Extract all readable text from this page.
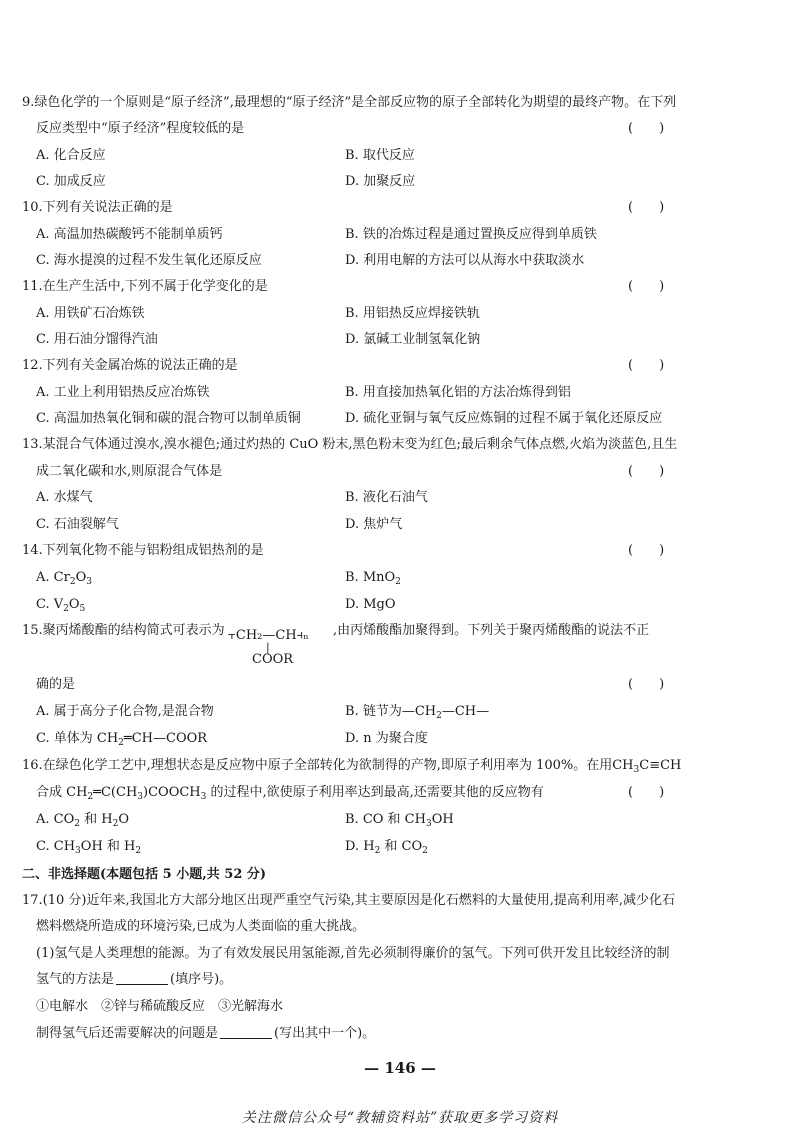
9.绿色化学的一个原则是“原子经济”,最理想的“原子经济”是全部反应物的原子全部转化为期望的最终产物。在下列
反应类型中“原子经济”程度较低的是	(　　)
A. 化合反应	B. 取代反应
C. 加成反应	D. 加聚反应
10.下列有关说法正确的是	(　　)
A. 高温加热碳酸钙不能制单质钙	B. 铁的冶炼过程是通过置换反应得到单质铁
C. 海水提溴的过程不发生氧化还原反应	D. 利用电解的方法可以从海水中获取淡水
11.在生产生活中,下列不属于化学变化的是	(　　)
A. 用铁矿石冶炼铁	B. 用铝热反应焊接铁轨
C. 用石油分馏得汽油	D. 氯碱工业制氢氧化钠
12.下列有关金属冶炼的说法正确的是	(　　)
A. 工业上利用铝热反应冶炼铁	B. 用直接加热氧化铝的方法冶炼得到铝
C. 高温加热氧化铜和碳的混合物可以制单质铜	D. 硫化亚铜与氧气反应炼铜的过程不属于氧化还原反应
13.某混合气体通过溴水,溴水褪色;通过灼热的 CuO 粉末,黑色粉末变为红色;最后剩余气体点燃,火焰为淡蓝色,且生
成二氧化碳和水,则原混合气体是	(　　)
A. 水煤气	B. 液化石油气
C. 石油裂解气	D. 焦炉气
14.下列氧化物不能与铝粉组成铝热剂的是	(　　)
A. $Cr_2O_3$	B. MnO$_2$
C. $V_2O_5$	D. MgO
15.聚丙烯酸酯的结构简式可表示为 ⫟CH₂—CH⫞ₙ
|
COOR
,由丙烯酸酯加聚得到。下列关于聚丙烯酸酯的说法不正
确的是	(　　)
A. 属于高分子化合物,是混合物	B. 链节为$—CH_2—CH—$
C. 单体为 $CH_2═CH—COOR$	D. n 为聚合度
16.在绿色化学工艺中,理想状态是反应物中原子全部转化为欲制得的产物,即原子利用率为 100%。在用$CH_3C\equiv CH$
合成 $CH_2═C(CH_3)COOCH_3$ 的过程中,欲使原子利用率达到最高,还需要其他的反应物有	(　　)
A. $CO_2$ 和 $H_2O$	B. CO 和 $CH_3OH$
C. $CH_3OH$ 和 $H_2$	D. $H_2$ 和 $CO_2$
二、非选择题(本题包括 5 小题,共 52 分)
17.(10 分)近年来,我国北方大部分地区出现严重空气污染,其主要原因是化石燃料的大量使用,提高利用率,减少化石
燃料燃烧所造成的环境污染,已成为人类面临的重大挑战。
(1)氢气是人类理想的能源。为了有效发展民用氢能源,首先必须制得廉价的氢气。下列可供开发且比较经济的制
氢气的方法是	(填序号)。
①电解水　②锌与稀硫酸反应　③光解海水
制得氢气后还需要解决的问题是	(写出其中一个)。
— 146 —
关注微信公众号“教辅资料站”获取更多学习资料
